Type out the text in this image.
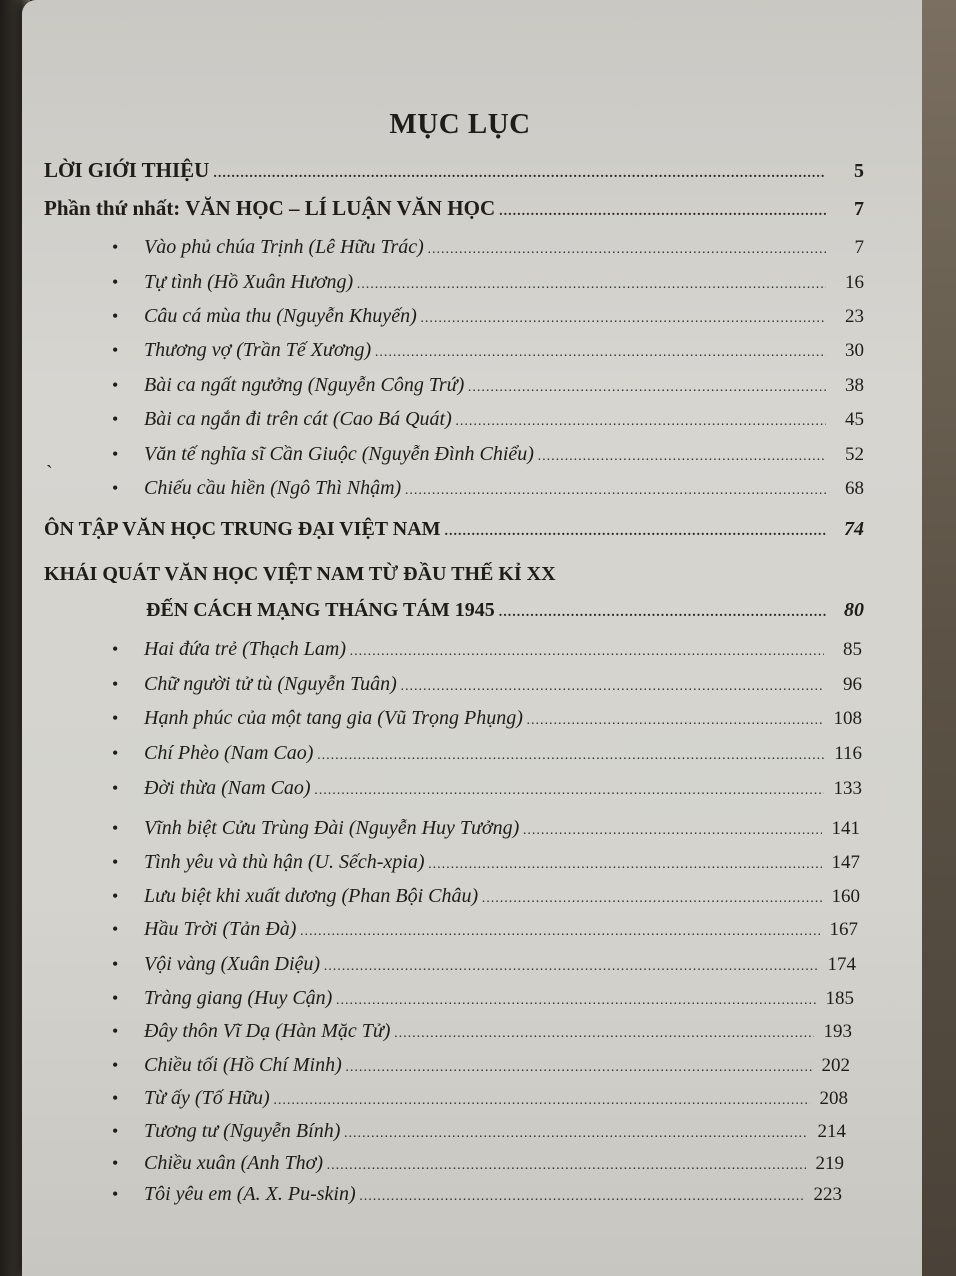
MỤC LỤC
LỜI GIỚI THIỆU .....	5
Phần thứ nhất: VĂN HỌC – LÍ LUẬN VĂN HỌC .....	7
•	Vào phủ chúa Trịnh (Lê Hữu Trác) .....	7
•	Tự tình (Hồ Xuân Hương) .....	16
•	Câu cá mùa thu (Nguyễn Khuyến) .....	23
•	Thương vợ (Trần Tế Xương) .....	30
•	Bài ca ngất ngưởng (Nguyễn Công Trứ) .....	38
•	Bài ca ngắn đi trên cát (Cao Bá Quát) .....	45
•	Văn tế nghĩa sĩ Cần Giuộc (Nguyễn Đình Chiểu) .....	52
`
•	Chiếu cầu hiền (Ngô Thì Nhậm) .....	68
ÔN TẬP VĂN HỌC TRUNG ĐẠI VIỆT NAM .....	74
KHÁI QUÁT VĂN HỌC VIỆT NAM TỪ ĐẦU THẾ KỈ XX
ĐẾN CÁCH MẠNG THÁNG TÁM 1945 .....	80
•	Hai đứa trẻ (Thạch Lam) .....	85
•	Chữ người tử tù (Nguyễn Tuân) .....	96
•	Hạnh phúc của một tang gia (Vũ Trọng Phụng) .....	108
•	Chí Phèo (Nam Cao) .....	116
•	Đời thừa (Nam Cao) .....	133
•	Vĩnh biệt Cửu Trùng Đài (Nguyễn Huy Tưởng) .....	141
•	Tình yêu và thù hận (U. Sếch-xpia) .....	147
•	Lưu biệt khi xuất dương (Phan Bội Châu) .....	160
•	Hầu Trời (Tản Đà) .....	167
•	Vội vàng (Xuân Diệu) .....	174
•	Tràng giang (Huy Cận) .....	185
•	Đây thôn Vĩ Dạ (Hàn Mặc Tử) .....	193
•	Chiều tối (Hồ Chí Minh) .....	202
•	Từ ấy (Tố Hữu) .....	208
•	Tương tư (Nguyễn Bính) .....	214
•	Chiều xuân (Anh Thơ) .....	219
•	Tôi yêu em (A. X. Pu-skin) .....	223
